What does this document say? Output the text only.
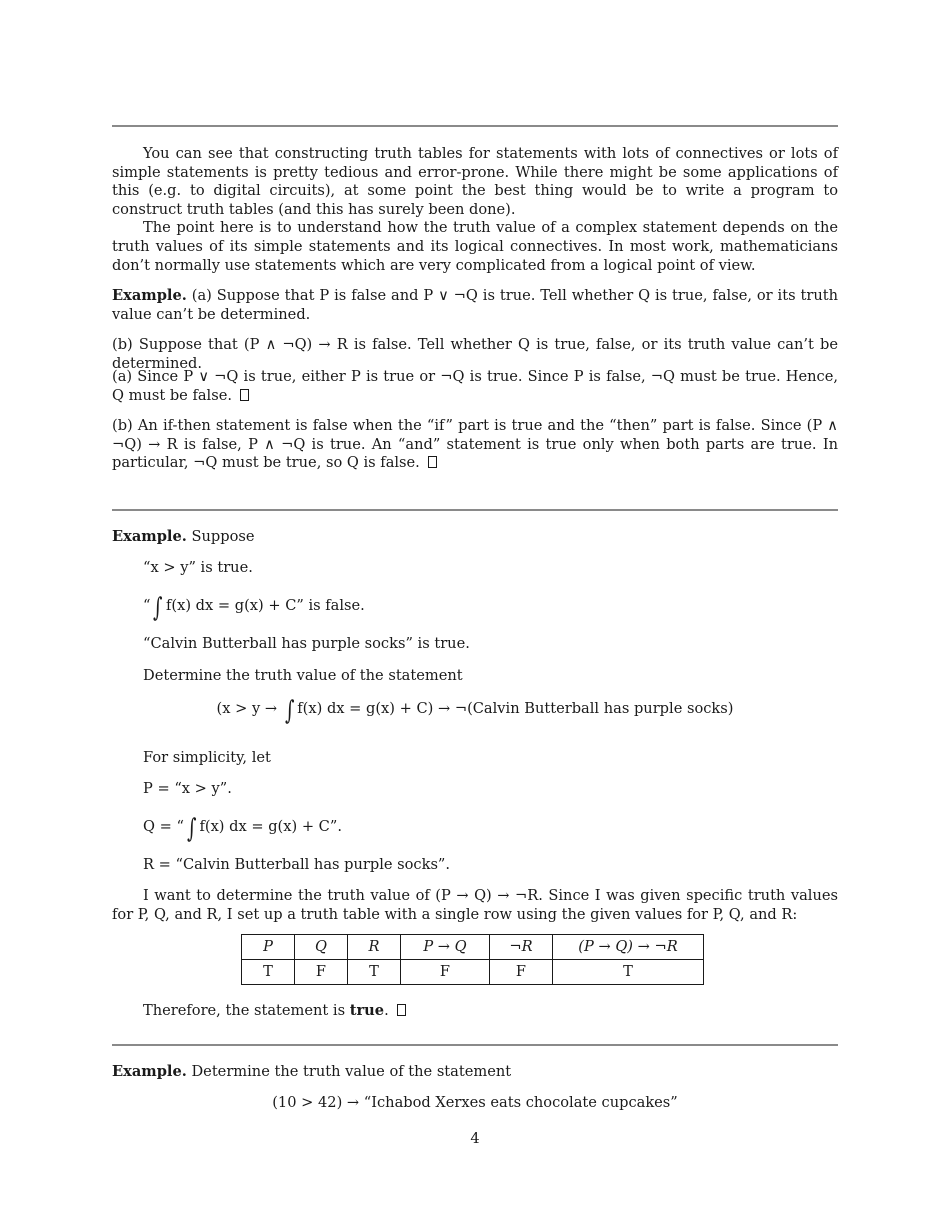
You can see that constructing truth tables for statements with lots of connectives or lots of simple statements is pretty tedious and error-prone. While there might be some applications of this (e.g. to digital circuits), at some point the best thing would be to write a program to construct truth tables (and this has surely been done).

The point here is to understand how the truth value of a complex statement depends on the truth values of its simple statements and its logical connectives. In most work, mathematicians don’t normally use statements which are very complicated from a logical point of view.

Example. (a) Suppose that P is false and P ∨ ¬Q is true. Tell whether Q is true, false, or its truth value can’t be determined.

(b) Suppose that (P ∧ ¬Q) → R is false. Tell whether Q is true, false, or its truth value can’t be determined.

(a) Since P ∨ ¬Q is true, either P is true or ¬Q is true. Since P is false, ¬Q must be true. Hence, Q must be false.

(b) An if-then statement is false when the “if” part is true and the “then” part is false. Since (P ∧ ¬Q) → R is false, P ∧ ¬Q is true. An “and” statement is true only when both parts are true. In particular, ¬Q must be true, so Q is false.

Example. Suppose

“x > y” is true.
“ ∫ f(x) dx = g(x) + C” is false.
“Calvin Butterball has purple socks” is true.
Determine the truth value of the statement
(x > y → ∫ f(x) dx = g(x) + C) → ¬(Calvin Butterball has purple socks)
For simplicity, let
P = “x > y”.
Q = “ ∫ f(x) dx = g(x) + C”.
R = “Calvin Butterball has purple socks”.

I want to determine the truth value of (P → Q) → ¬R. Since I was given specific truth values for P, Q, and R, I set up a truth table with a single row using the given values for P, Q, and R:

P	Q	R	P → Q	¬R	(P → Q) → ¬R
T	F	T	F	F	T
Therefore, the statement is true.

Example. Determine the truth value of the statement

(10 > 42) → “Ichabod Xerxes eats chocolate cupcakes”
4
